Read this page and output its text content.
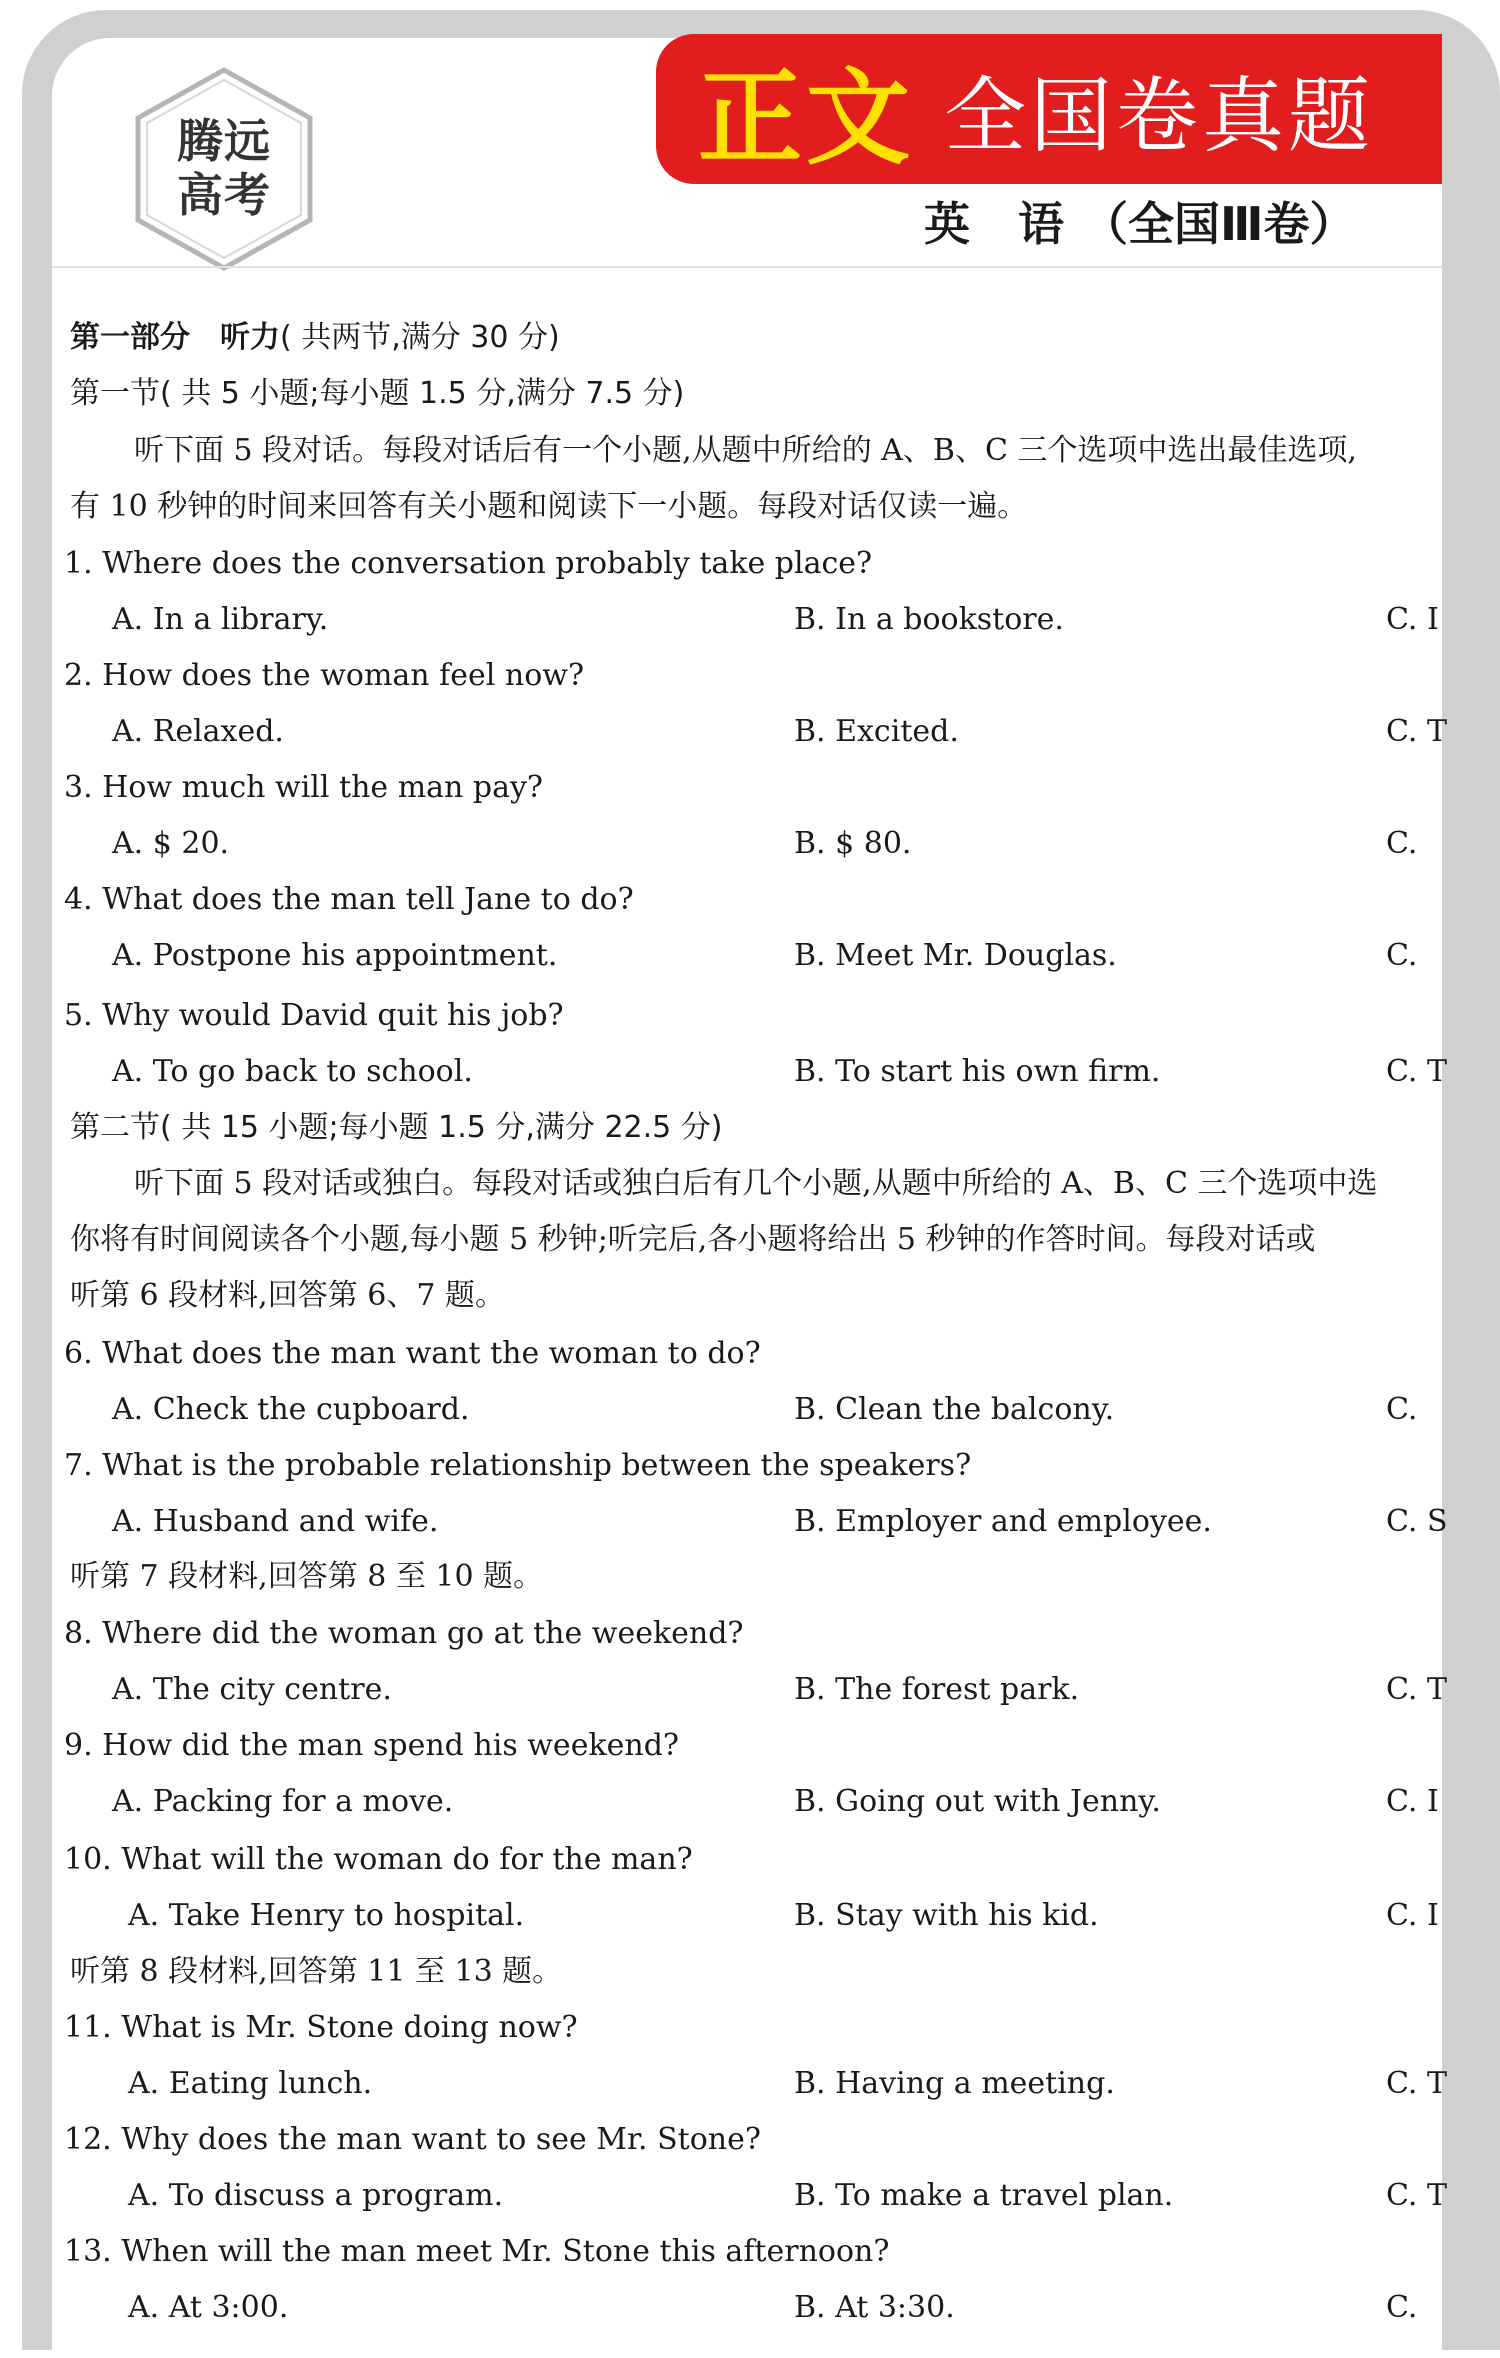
腾远
高考
正文 全国卷真题
英 语 （全国Ⅲ卷）
第一部分　听力( 共两节,满分 30 分)
第一节( 共 5 小题;每小题 1.5 分,满分 7.5 分)
听下面 5 段对话。每段对话后有一个小题,从题中所给的 A、B、C 三个选项中选出最佳选项,
有 10 秒钟的时间来回答有关小题和阅读下一小题。每段对话仅读一遍。
1. Where does the conversation probably take place?
A. In a library.	B. In a bookstore.	C. I
2. How does the woman feel now?
A. Relaxed.	B. Excited.	C. T
3. How much will the man pay?
A. $ 20.	B. $ 80.	C.
4. What does the man tell Jane to do?
A. Postpone his appointment.	B. Meet Mr. Douglas.	C.
5. Why would David quit his job?
A. To go back to school.	B. To start his own firm.	C. T
6. What does the man want the woman to do?
A. Check the cupboard.	B. Clean the balcony.	C.
7. What is the probable relationship between the speakers?
A. Husband and wife.	B. Employer and employee.	C. S
8. Where did the woman go at the weekend?
A. The city centre.	B. The forest park.	C. T
9. How did the man spend his weekend?
A. Packing for a move.	B. Going out with Jenny.	C. I
10. What will the woman do for the man?
A. Take Henry to hospital.	B. Stay with his kid.	C. I
11. What is Mr. Stone doing now?
A. Eating lunch.	B. Having a meeting.	C. T
12. Why does the man want to see Mr. Stone?
A. To discuss a program.	B. To make a travel plan.	C. T
13. When will the man meet Mr. Stone this afternoon?
A. At 3:00.	B. At 3:30.	C.
第二节( 共 15 小题;每小题 1.5 分,满分 22.5 分)
听下面 5 段对话或独白。每段对话或独白后有几个小题,从题中所给的 A、B、C 三个选项中选
你将有时间阅读各个小题,每小题 5 秒钟;听完后,各小题将给出 5 秒钟的作答时间。每段对话或
听第 6 段材料,回答第 6、7 题。
听第 7 段材料,回答第 8 至 10 题。
听第 8 段材料,回答第 11 至 13 题。
